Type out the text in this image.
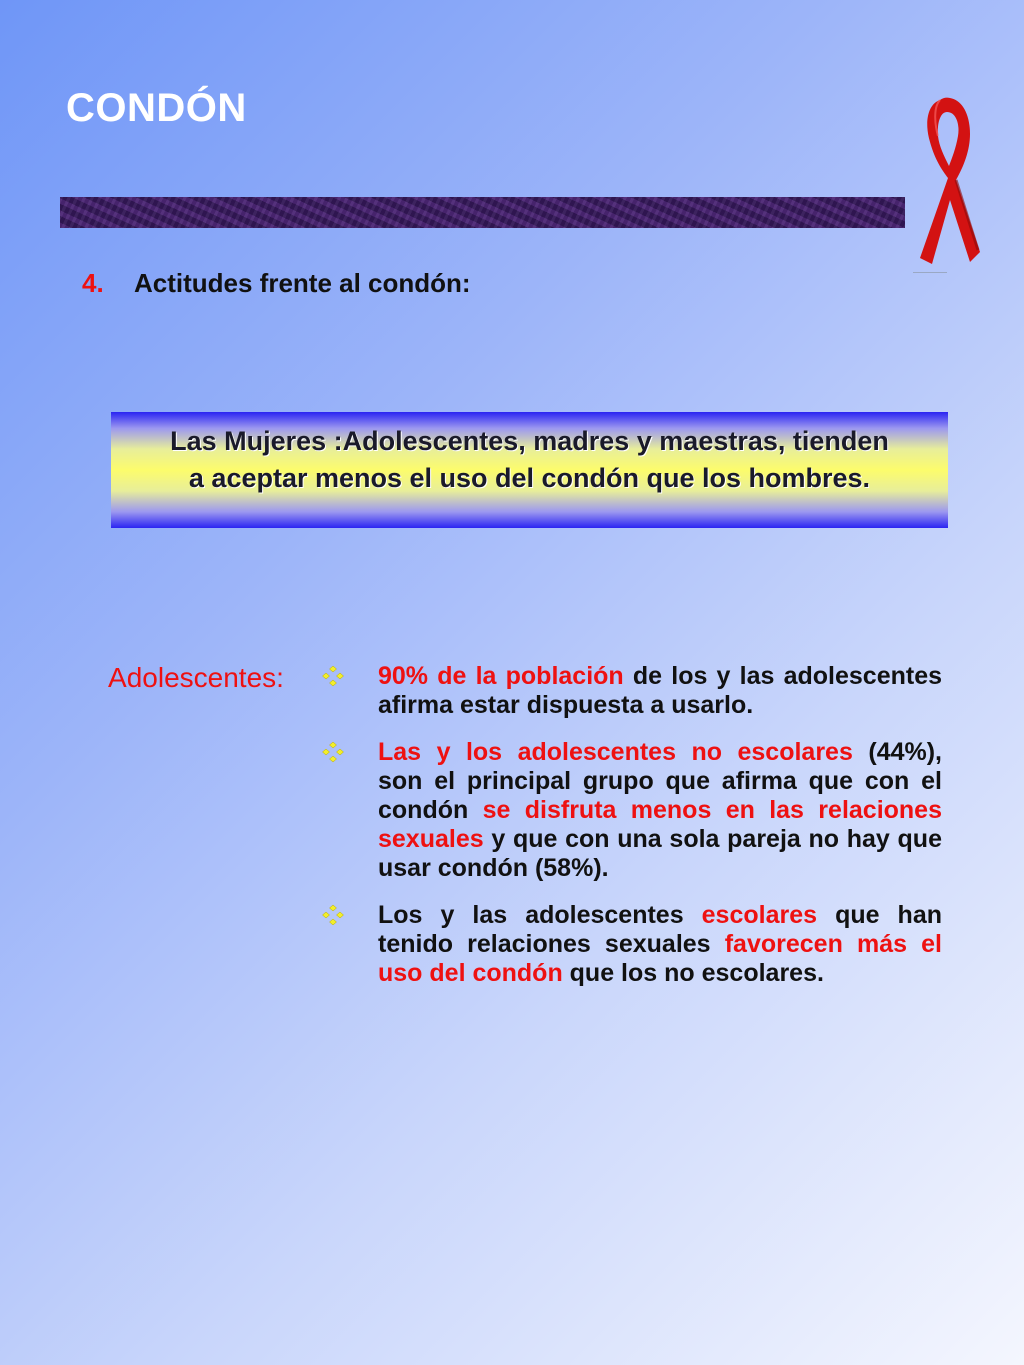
CONDÓN
4. Actitudes frente al condón:
Las Mujeres :Adolescentes, madres y maestras, tienden
a aceptar menos el uso del condón que los hombres.
Adolescentes:	90% de la población de los y las adolescentes afirma estar dispuesta a usarlo.

Las y los adolescentes no escolares (44%), son el principal grupo que afirma que con el condón se disfruta menos en las relaciones sexuales y que con una sola pareja no hay que usar condón (58%).

Los y las adolescentes escolares que han tenido relaciones sexuales favorecen más el uso del condón que los no escolares.
